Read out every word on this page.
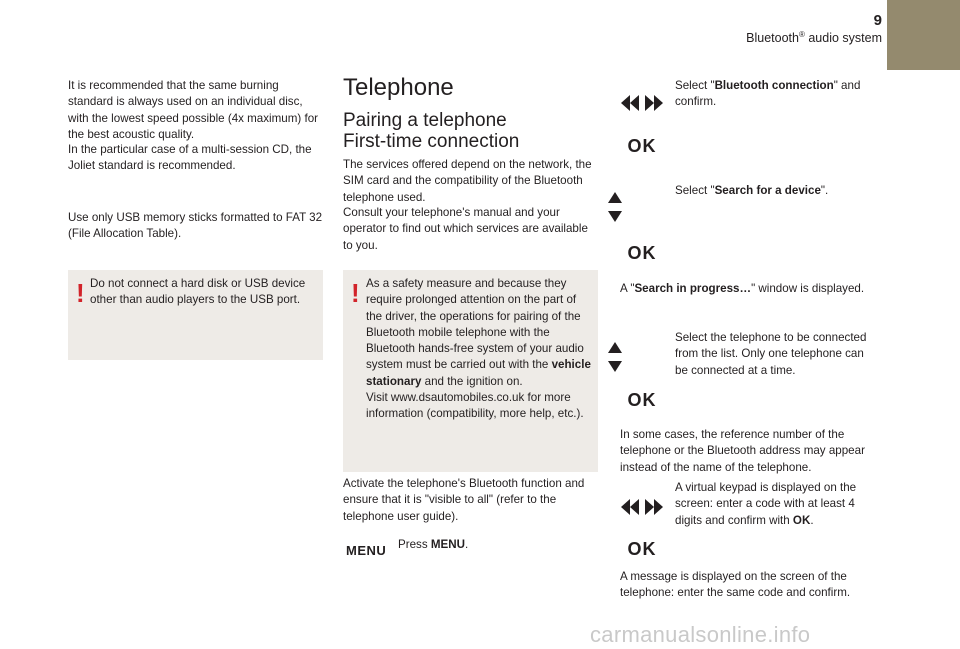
9
Bluetooth® audio system

It is recommended that the same burning standard is always used on an individual disc, with the lowest speed possible (4x maximum) for the best acoustic quality.

In the particular case of a multi-session CD, the Joliet standard is recommended.

Use only USB memory sticks formatted to FAT 32 (File Allocation Table).

! Do not connect a hard disk or USB device other than audio players to the USB port.

Telephone
Pairing a telephone
First-time connection

The services offered depend on the network, the SIM card and the compatibility of the Bluetooth telephone used.

Consult your telephone's manual and your operator to find out which services are available to you.

! As a safety measure and because they require prolonged attention on the part of the driver, the operations for pairing of the Bluetooth mobile telephone with the Bluetooth hands-free system of your audio system must be carried out with the vehicle stationary and the ignition on.
Visit www.dsautomobiles.co.uk for more information (compatibility, more help, etc.).

Activate the telephone's Bluetooth function and ensure that it is "visible to all" (refer to the telephone user guide).

MENU Press MENU.

Select "Bluetooth connection" and confirm.

OK

Select "Search for a device".

OK

A "Search in progress…" window is displayed.

Select the telephone to be connected from the list. Only one telephone can be connected at a time.

OK

In some cases, the reference number of the telephone or the Bluetooth address may appear instead of the name of the telephone.

A virtual keypad is displayed on the screen: enter a code with at least 4 digits and confirm with OK.

OK

A message is displayed on the screen of the telephone: enter the same code and confirm.

carmanualsonline.info
